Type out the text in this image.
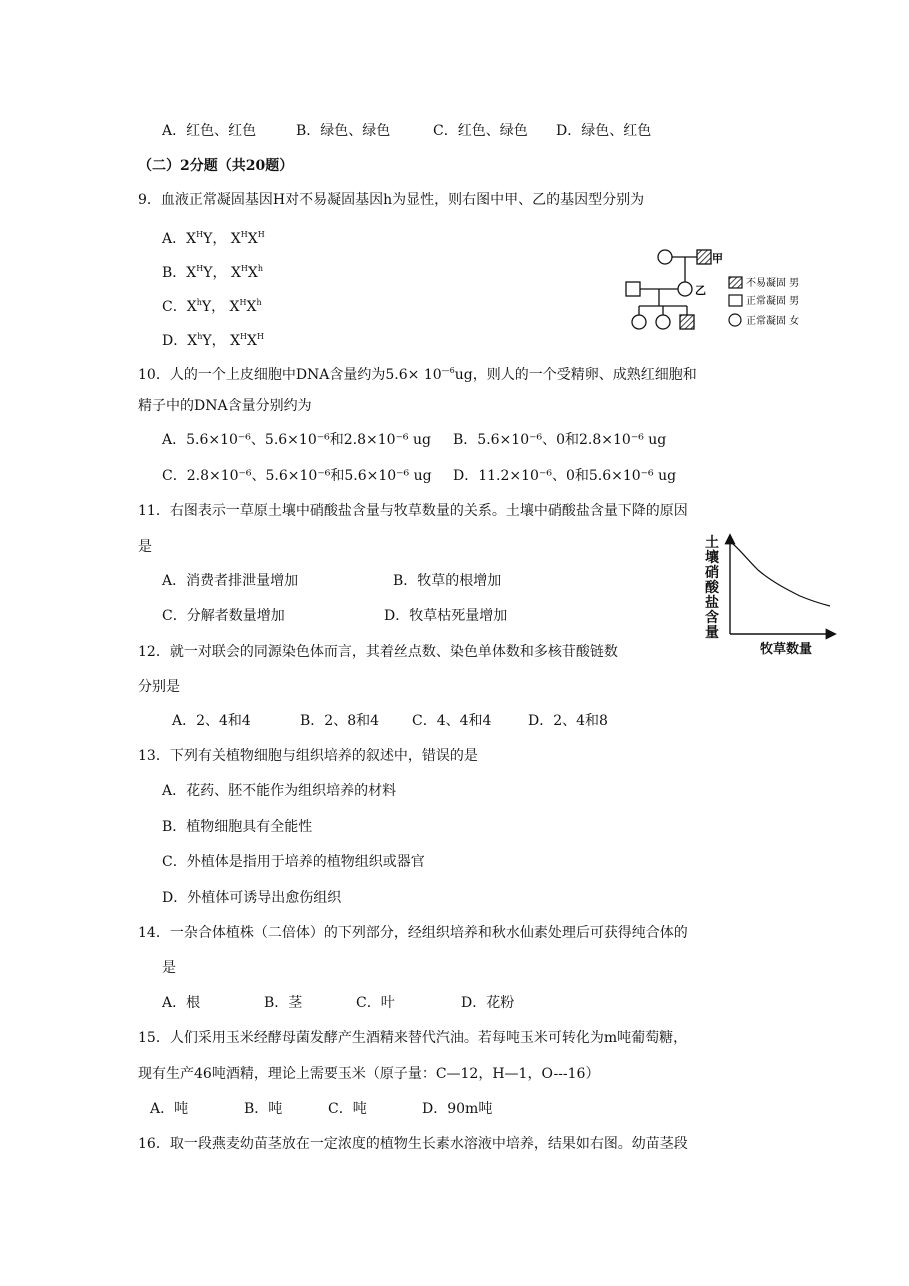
A．红色、红色	B．绿色、绿色	C．红色、绿色 D．绿色、红色
（二）2分题（共20题）
9．血液正常凝固基因H对不易凝固基因h为显性，则右图中甲、乙的基因型分别为
A．$X^HY$， $X^HX^H$
B．$X^HY$， $X^HX^h$
C．$X^hY$， $X^HX^h$
D．$X^hY$， $X^HX^H$
甲
乙
不易凝固 男
正常凝固 男
正常凝固 女
10．人的一个上皮细胞中DNA含量约为$5.6\times 10^{—6}ug$，则人的一个受精卵、成熟红细胞和
精子中的DNA含量分别约为
A．5.6×10⁻⁶、5.6×10⁻⁶和2.8×10⁻⁶ ug B．5.6×10⁻⁶、0和2.8×10⁻⁶ ug
C．2.8×10⁻⁶、5.6×10⁻⁶和5.6×10⁻⁶ ug D．11.2×10⁻⁶、0和5.6×10⁻⁶ ug
11．右图表示一草原土壤中硝酸盐含量与牧草数量的关系。土壤中硝酸盐含量下降的原因
是
A．消费者排泄量增加	B．牧草的根增加
C．分解者数量增加	D．牧草枯死量增加
土壤硝酸盐含量
牧草数量
12．就一对联会的同源染色体而言，其着丝点数、染色单体数和多核苷酸链数
分别是
A．2、4和4	B．2、8和4 C．4、4和4	D．2、4和8
13．下列有关植物细胞与组织培养的叙述中，错误的是
A．花药、胚不能作为组织培养的材料
B．植物细胞具有全能性
C．外植体是指用于培养的植物组织或器官
D．外植体可诱导出愈伤组织
14．一杂合体植株（二倍体）的下列部分，经组织培养和秋水仙素处理后可获得纯合体的
是
A．根	B．茎	C．叶	D．花粉
15．人们采用玉米经酵母菌发酵产生酒精来替代汽油。若每吨玉米可转化为m吨葡萄糖，
现有生产46吨酒精，理论上需要玉米（原子量：C—12，H—1，O---16）
A．吨	B．吨	C．吨	D．90m吨
16．取一段燕麦幼苗茎放在一定浓度的植物生长素水溶液中培养，结果如右图。幼苗茎段
